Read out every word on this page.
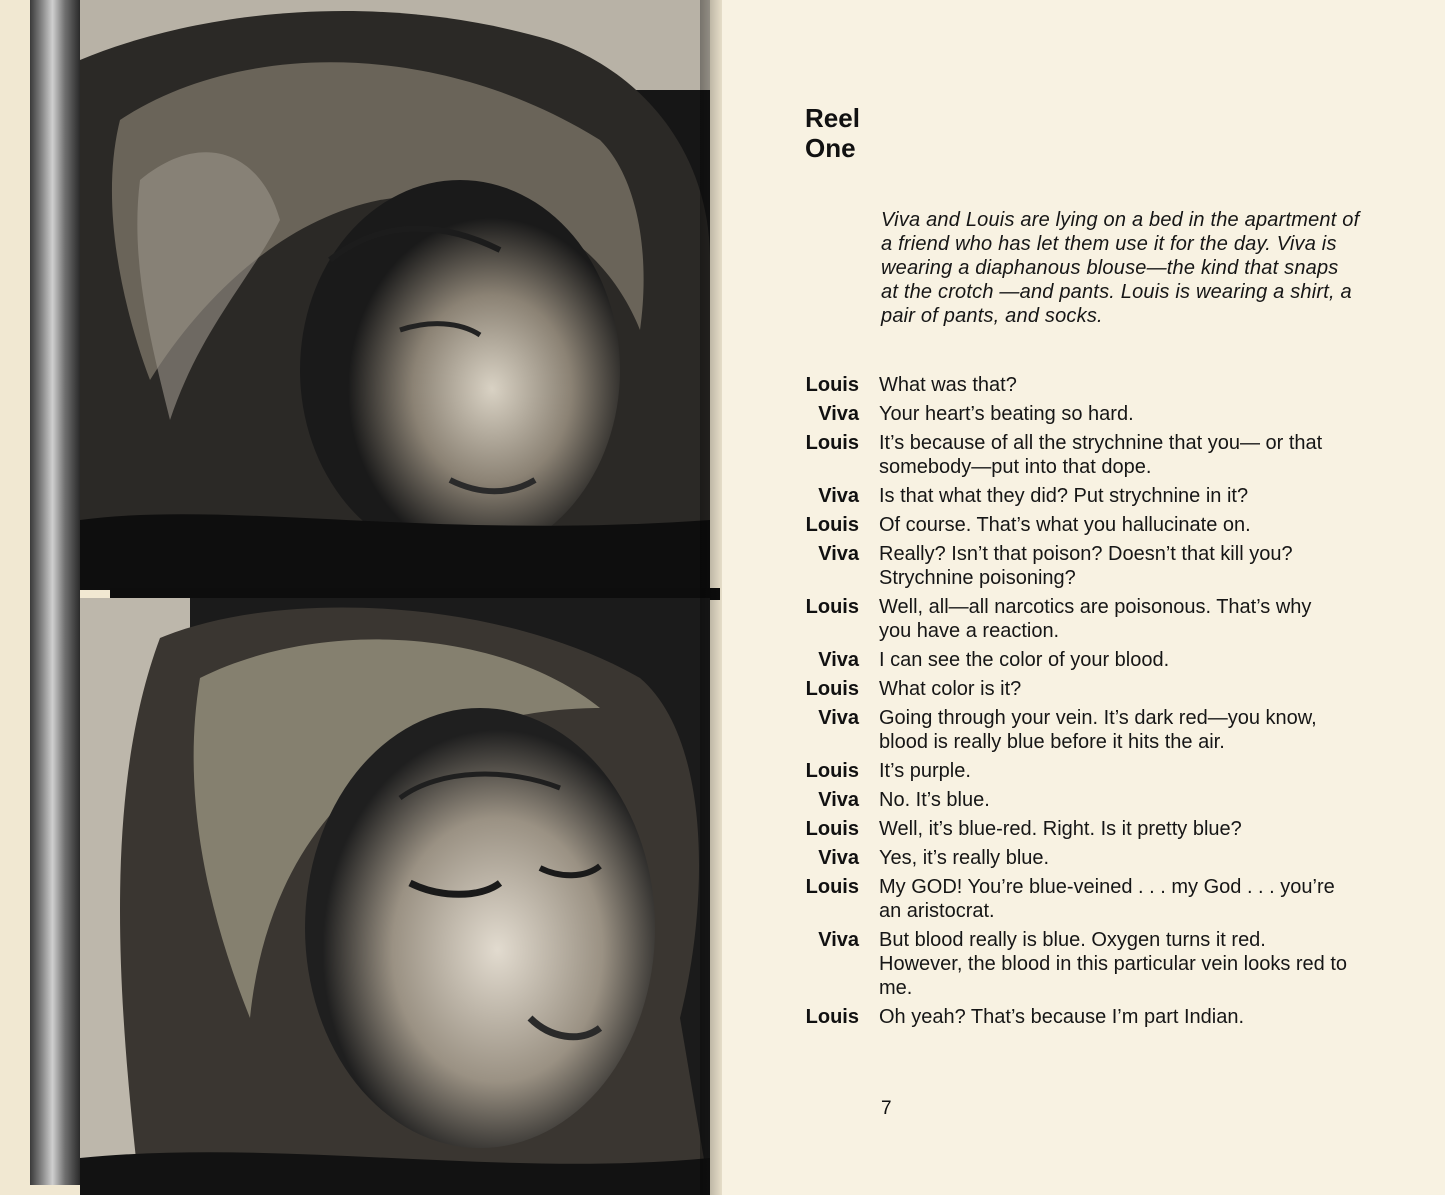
Reel
One
Viva and Louis are lying on a bed in the apartment of a friend who has let them use it for the day. Viva is wearing a diaphanous blouse—the kind that snaps at the crotch —and pants. Louis is wearing a shirt, a pair of pants, and socks.
Louis What was that?
Viva Your heart’s beating so hard.
Louis It’s because of all the strychnine that you— or that somebody—put into that dope.
Viva Is that what they did? Put strychnine in it?
Louis Of course. That’s what you hallucinate on.
Viva Really? Isn’t that poison? Doesn’t that kill you? Strychnine poisoning?
Louis Well, all—all narcotics are poisonous. That’s why you have a reaction.
Viva I can see the color of your blood.
Louis What color is it?
Viva Going through your vein. It’s dark red—you know, blood is really blue before it hits the air.
Louis It’s purple.
Viva No. It’s blue.
Louis Well, it’s blue-red. Right. Is it pretty blue?
Viva Yes, it’s really blue.
Louis My GOD! You’re blue-veined . . . my God . . . you’re an aristocrat.
Viva But blood really is blue. Oxygen turns it red. However, the blood in this particular vein looks red to me.
Louis Oh yeah? That’s because I’m part Indian.
7
